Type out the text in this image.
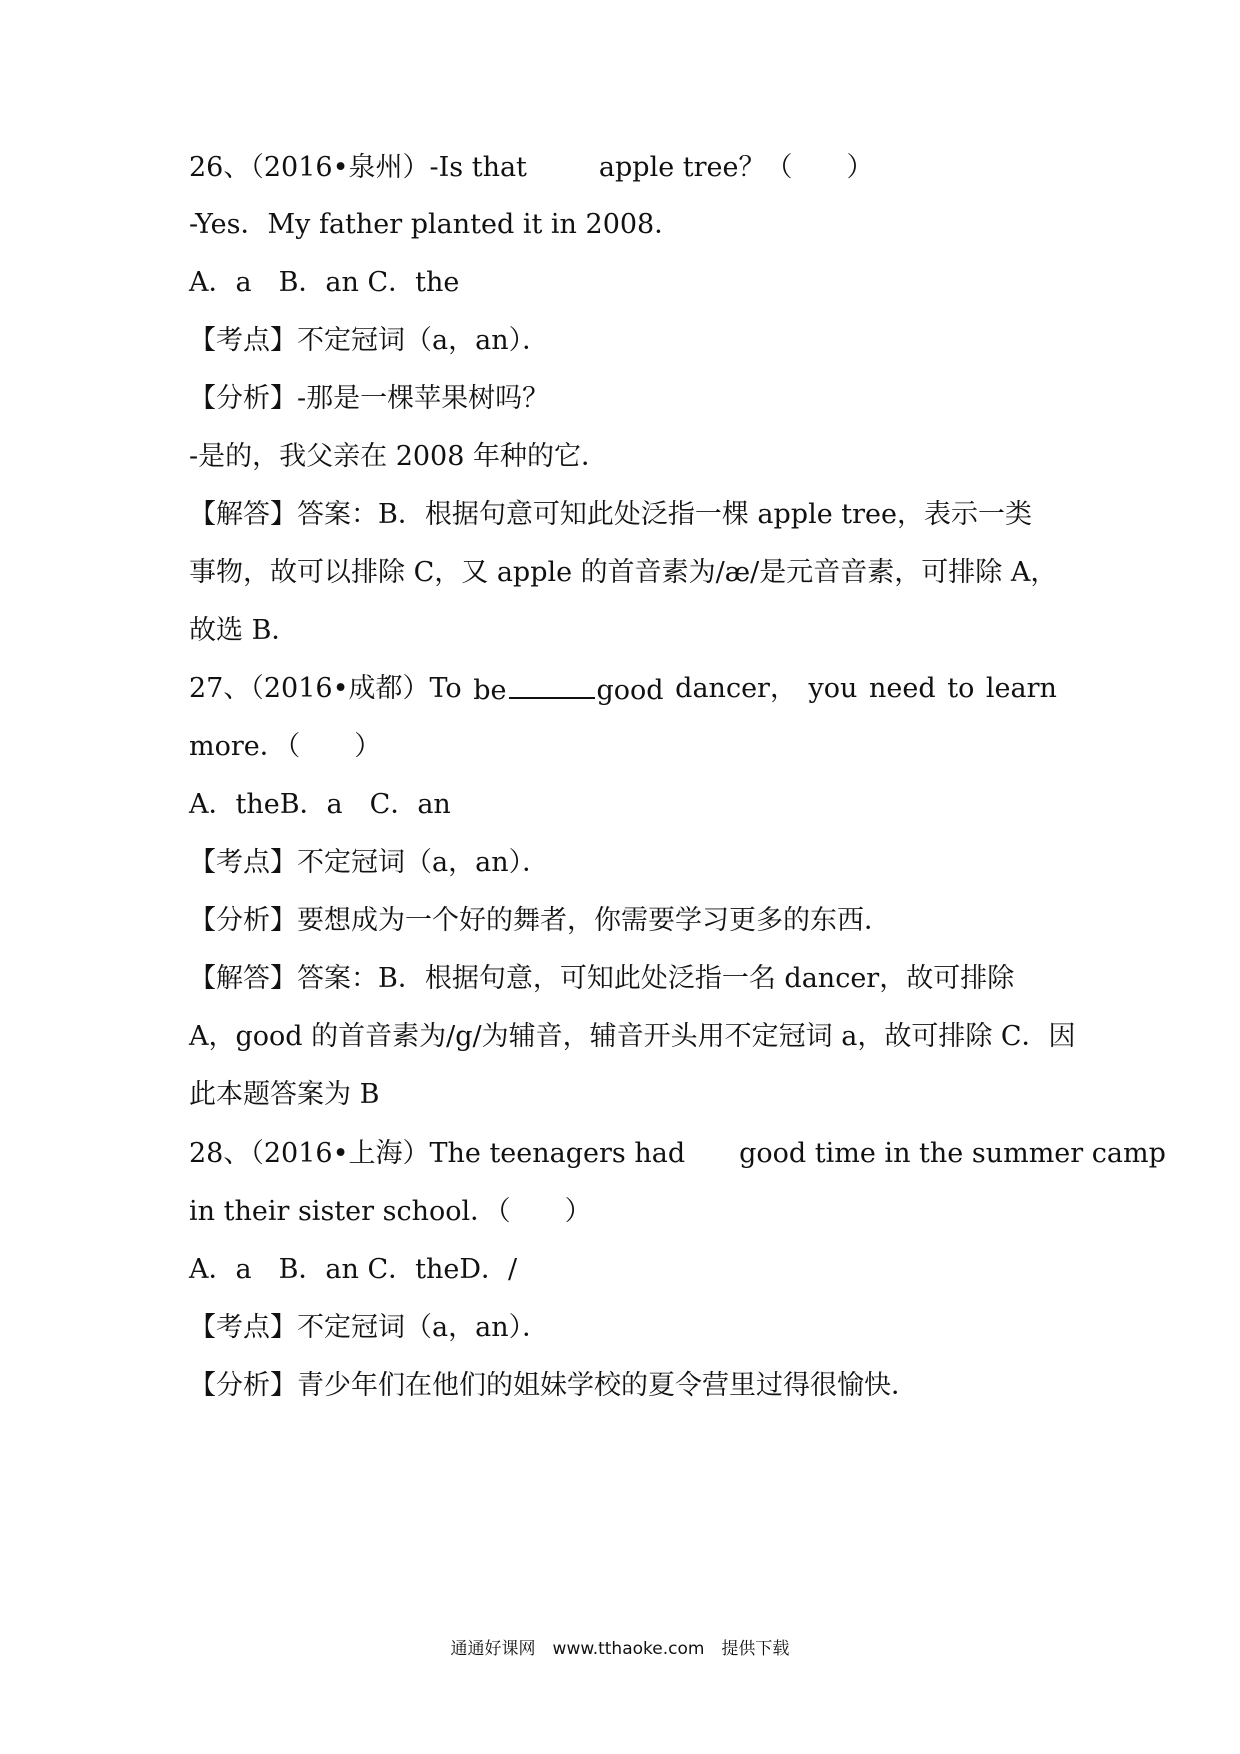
26、（2016•泉州）-Is that	apple tree？（　　）
-Yes．My father planted it in 2008．
A．a　B．an C．the
【考点】不定冠词（a，an）．
【分析】-那是一棵苹果树吗？
-是的，我父亲在 2008 年种的它．
【解答】答案：B．根据句意可知此处泛指一棵 apple tree，表示一类
事物，故可以排除 C，又 apple 的首音素为/æ/是元音音素，可排除 A，
故选 B．
27、（2016•成都）To be	good dancer， you need to learn
more．（　　）
A．theB．a　C．an
【考点】不定冠词（a，an）．
【分析】要想成为一个好的舞者，你需要学习更多的东西．
【解答】答案：B．根据句意，可知此处泛指一名 dancer，故可排除
A，good 的首音素为/g/为辅音，辅音开头用不定冠词 a，故可排除 C．因
此本题答案为 B
28、（2016•上海）The teenagers had good time in the summer camp
in their sister school．（　　）
A．a　B．an C．theD．/
【考点】不定冠词（a，an）．
【分析】青少年们在他们的姐妹学校的夏令营里过得很愉快．
通通好课网　www.tthaoke.com　提供下载
